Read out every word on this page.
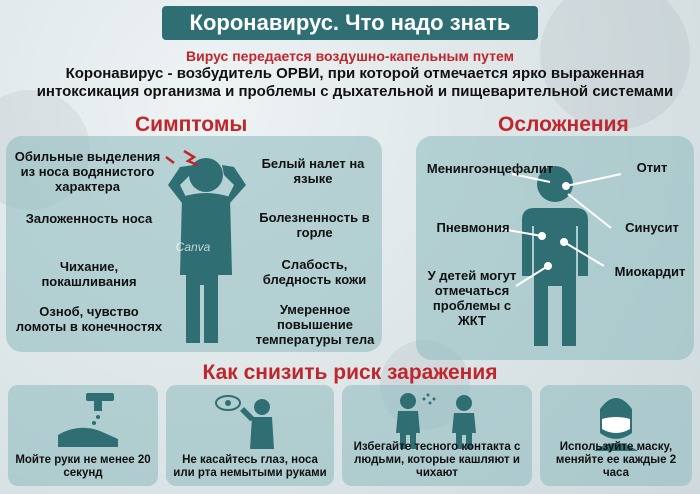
Коронавирус. Что надо знать
Вирус передается воздушно-капельным путем
Коронавирус - возбудитель ОРВИ, при которой отмечается ярко выраженная интоксикация организма и проблемы с дыхательной и пищеварительной системами
Симптомы
Обильные выделения из носа водянистого характера
Заложенность носа
Чихание, покашливания
Озноб, чувство ломоты в конечностях
Белый налет на языке
Болезненность в горле
Слабость, бледность кожи
Умеренное повышение температуры тела
Canva
Осложнения
Менингоэнцефалит	Отит
Пневмония	Синусит
У детей могут отмечаться проблемы с ЖКТ
Миокардит
Как снизить риск заражения
Мойте руки не менее 20 секунд
Не касайтесь глаз, носа или рта немытыми руками
Избегайте тесного контакта с людьми, которые кашляют и чихают
Используйте маску, меняйте ее каждые 2 часа
